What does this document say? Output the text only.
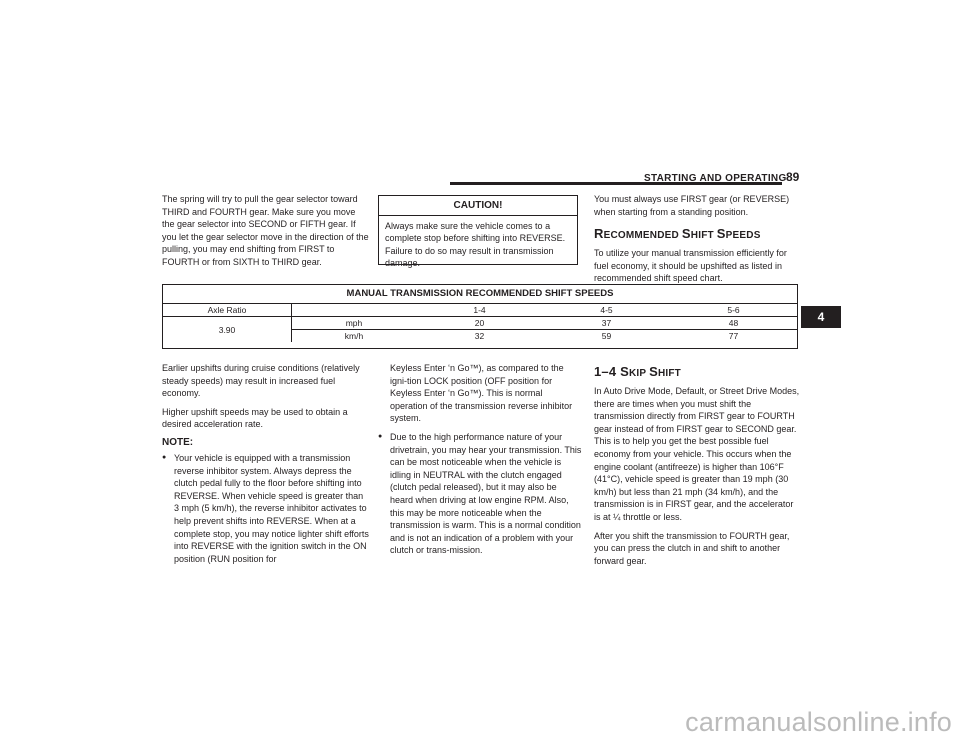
STARTING AND OPERATING 89

The spring will try to pull the gear selector toward THIRD and FOURTH gear. Make sure you move the gear selector into SECOND or FIFTH gear. If you let the gear selector move in the direction of the pulling, you may end shifting from FIRST to FOURTH or from SIXTH to THIRD gear.

CAUTION!
Always make sure the vehicle comes to a complete stop before shifting into REVERSE. Failure to do so may result in transmission damage.

You must always use FIRST gear (or REVERSE) when starting from a standing position.

RECOMMENDED SHIFT SPEEDS

To utilize your manual transmission efficiently for fuel economy, it should be upshifted as listed in recommended shift speed chart.

MANUAL TRANSMISSION RECOMMENDED SHIFT SPEEDS
Axle Ratio		1-4	4-5	5-6
3.90	mph	20	37	48
	km/h	32	59	77

Earlier upshifts during cruise conditions (relatively steady speeds) may result in increased fuel economy.

Higher upshift speeds may be used to obtain a desired acceleration rate.

NOTE:
● Your vehicle is equipped with a transmission reverse inhibitor system. Always depress the clutch pedal fully to the floor before shifting into REVERSE. When vehicle speed is greater than 3 mph (5 km/h), the reverse inhibitor activates to help prevent shifts into REVERSE. When at a complete stop, you may notice lighter shift efforts into REVERSE with the ignition switch in the ON position (RUN position for

Keyless Enter ‘n Go™), as compared to the igni-tion LOCK position (OFF position for Keyless Enter ‘n Go™). This is normal operation of the transmission reverse inhibitor system.

● Due to the high performance nature of your drivetrain, you may hear your transmission. This can be most noticeable when the vehicle is idling in NEUTRAL with the clutch engaged (clutch pedal released), but it may also be heard when driving at low engine RPM. Also, this may be more noticeable when the transmission is warm. This is a normal condition and is not an indication of a problem with your clutch or trans-mission.
1–4 SKIP SHIFT

In Auto Drive Mode, Default, or Street Drive Modes, there are times when you must shift the transmission directly from FIRST gear to FOURTH gear instead of from FIRST gear to SECOND gear. This is to help you get the best possible fuel economy from your vehicle. This occurs when the engine coolant (antifreeze) is higher than 106°F (41°C), vehicle speed is greater than 19 mph (30 km/h) but less than 21 mph (34 km/h), and the transmission is in FIRST gear, and the accelerator is at ¼ throttle or less.

After you shift the transmission to FOURTH gear, you can press the clutch in and shift to another forward gear.

4
carmanualsonline.info
